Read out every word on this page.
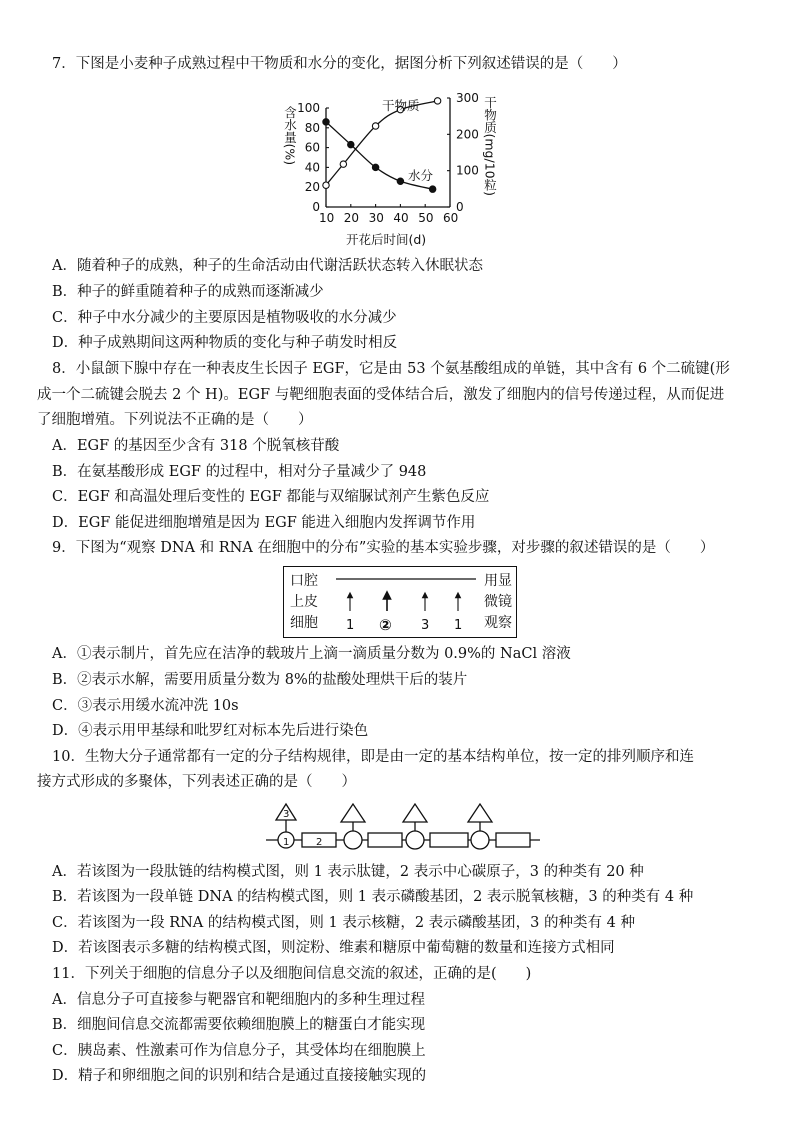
7．下图是小麦种子成熟过程中干物质和水分的变化，据图分析下列叙述错误的是（　　）
10 20 30 40 50 60
0
20
40
60
80
100
0
100
200
300
含水量(%)	干物质(mg/10粒)
开花后时间(d)
干物质
水分
A．随着种子的成熟，种子的生命活动由代谢活跃状态转入休眠状态
B．种子的鲜重随着种子的成熟而逐渐减少
C．种子中水分减少的主要原因是植物吸收的水分减少
D．种子成熟期间这两种物质的变化与种子萌发时相反
8．小鼠颌下腺中存在一种表皮生长因子 EGF，它是由 53 个氨基酸组成的单链，其中含有 6 个二硫键(形
成一个二硫键会脱去 2 个 H)。EGF 与靶细胞表面的受体结合后，激发了细胞内的信号传递过程，从而促进
了细胞增殖。下列说法不正确的是（　　）
A．EGF 的基因至少含有 318 个脱氧核苷酸
B．在氨基酸形成 EGF 的过程中，相对分子量减少了 948
C．EGF 和高温处理后变性的 EGF 都能与双缩脲试剂产生紫色反应
D．EGF 能促进细胞增殖是因为 EGF 能进入细胞内发挥调节作用
9．下图为“观察 DNA 和 RNA 在细胞中的分布”实验的基本实验步骤，对步骤的叙述错误的是（　　）
口腔
上皮
细胞
用显
微镜
观察
1 ② 3 1
A．①表示制片，首先应在洁净的载玻片上滴一滴质量分数为 0.9%的 NaCl 溶液
B．②表示水解，需要用质量分数为 8%的盐酸处理烘干后的装片
C．③表示用缓水流冲洗 10s
D．④表示用甲基绿和吡罗红对标本先后进行染色
10．生物大分子通常都有一定的分子结构规律，即是由一定的基本结构单位，按一定的排列顺序和连
接方式形成的多聚体，下列表述正确的是（　　）
1	2
3
A．若该图为一段肽链的结构模式图，则 1 表示肽键，2 表示中心碳原子，3 的种类有 20 种
B．若该图为一段单链 DNA 的结构模式图，则 1 表示磷酸基团，2 表示脱氧核糖，3 的种类有 4 种
C．若该图为一段 RNA 的结构模式图，则 1 表示核糖，2 表示磷酸基团，3 的种类有 4 种
D．若该图表示多糖的结构模式图，则淀粉、维素和糖原中葡萄糖的数量和连接方式相同
11．下列关于细胞的信息分子以及细胞间信息交流的叙述，正确的是(　　)
A．信息分子可直接参与靶器官和靶细胞内的多种生理过程
B．细胞间信息交流都需要依赖细胞膜上的糖蛋白才能实现
C．胰岛素、性激素可作为信息分子，其受体均在细胞膜上
D．精子和卵细胞之间的识别和结合是通过直接接触实现的
